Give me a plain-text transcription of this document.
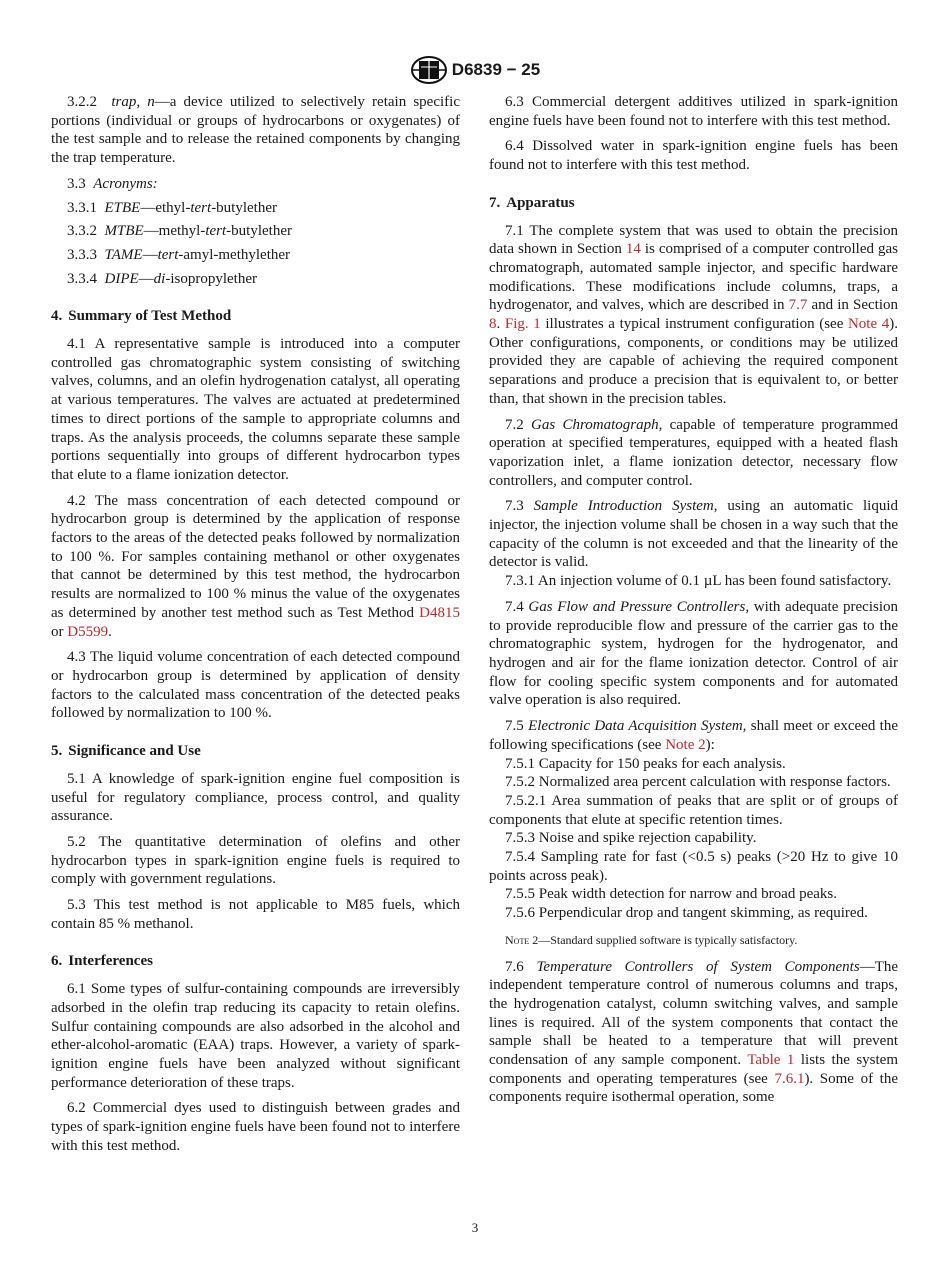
D6839 − 25

3.2.2 trap, n—a device utilized to selectively retain specific portions (individual or groups of hydrocarbons or oxygenates) of the test sample and to release the retained components by changing the trap temperature.

3.3 Acronyms:
3.3.1 ETBE—ethyl-tert-butylether
3.3.2 MTBE—methyl-tert-butylether
3.3.3 TAME—tert-amyl-methylether
3.3.4 DIPE—di-isopropylether
4. Summary of Test Method

4.1 A representative sample is introduced into a computer controlled gas chromatographic system consisting of switching valves, columns, and an olefin hydrogenation catalyst, all operating at various temperatures. The valves are actuated at predetermined times to direct portions of the sample to appropriate columns and traps. As the analysis proceeds, the columns separate these sample portions sequentially into groups of different hydrocarbon types that elute to a flame ionization detector.

4.2 The mass concentration of each detected compound or hydrocarbon group is determined by the application of response factors to the areas of the detected peaks followed by normalization to 100 %. For samples containing methanol or other oxygenates that cannot be determined by this test method, the hydrocarbon results are normalized to 100 % minus the value of the oxygenates as determined by another test method such as Test Method D4815 or D5599.

4.3 The liquid volume concentration of each detected compound or hydrocarbon group is determined by application of density factors to the calculated mass concentration of the detected peaks followed by normalization to 100 %.

5. Significance and Use

5.1 A knowledge of spark-ignition engine fuel composition is useful for regulatory compliance, process control, and quality assurance.

5.2 The quantitative determination of olefins and other hydrocarbon types in spark-ignition engine fuels is required to comply with government regulations.

5.3 This test method is not applicable to M85 fuels, which contain 85 % methanol.

6. Interferences

6.1 Some types of sulfur-containing compounds are irreversibly adsorbed in the olefin trap reducing its capacity to retain olefins. Sulfur containing compounds are also adsorbed in the alcohol and ether-alcohol-aromatic (EAA) traps. However, a variety of spark-ignition engine fuels have been analyzed without significant performance deterioration of these traps.

6.2 Commercial dyes used to distinguish between grades and types of spark-ignition engine fuels have been found not to interfere with this test method.

6.3 Commercial detergent additives utilized in spark-ignition engine fuels have been found not to interfere with this test method.

6.4 Dissolved water in spark-ignition engine fuels has been found not to interfere with this test method.

7. Apparatus

7.1 The complete system that was used to obtain the precision data shown in Section 14 is comprised of a computer controlled gas chromatograph, automated sample injector, and specific hardware modifications. These modifications include columns, traps, a hydrogenator, and valves, which are described in 7.7 and in Section 8. Fig. 1 illustrates a typical instrument configuration (see Note 4). Other configurations, components, or conditions may be utilized provided they are capable of achieving the required component separations and produce a precision that is equivalent to, or better than, that shown in the precision tables.

7.2 Gas Chromatograph, capable of temperature programmed operation at specified temperatures, equipped with a heated flash vaporization inlet, a flame ionization detector, necessary flow controllers, and computer control.

7.3 Sample Introduction System, using an automatic liquid injector, the injection volume shall be chosen in a way such that the capacity of the column is not exceeded and that the linearity of the detector is valid.

7.3.1 An injection volume of 0.1 µL has been found satisfactory.

7.4 Gas Flow and Pressure Controllers, with adequate precision to provide reproducible flow and pressure of the carrier gas to the chromatographic system, hydrogen for the hydrogenator, and hydrogen and air for the flame ionization detector. Control of air flow for cooling specific system components and for automated valve operation is also required.

7.5 Electronic Data Acquisition System, shall meet or exceed the following specifications (see Note 2):

7.5.1 Capacity for 150 peaks for each analysis.

7.5.2 Normalized area percent calculation with response factors.

7.5.2.1 Area summation of peaks that are split or of groups of components that elute at specific retention times.

7.5.3 Noise and spike rejection capability.

7.5.4 Sampling rate for fast (<0.5 s) peaks (>20 Hz to give 10 points across peak).

7.5.5 Peak width detection for narrow and broad peaks.

7.5.6 Perpendicular drop and tangent skimming, as required.

Note 2—Standard supplied software is typically satisfactory.

7.6 Temperature Controllers of System Components—The independent temperature control of numerous columns and traps, the hydrogenation catalyst, column switching valves, and sample lines is required. All of the system components that contact the sample shall be heated to a temperature that will prevent condensation of any sample component. Table 1 lists the system components and operating temperatures (see 7.6.1). Some of the components require isothermal operation, some

3
